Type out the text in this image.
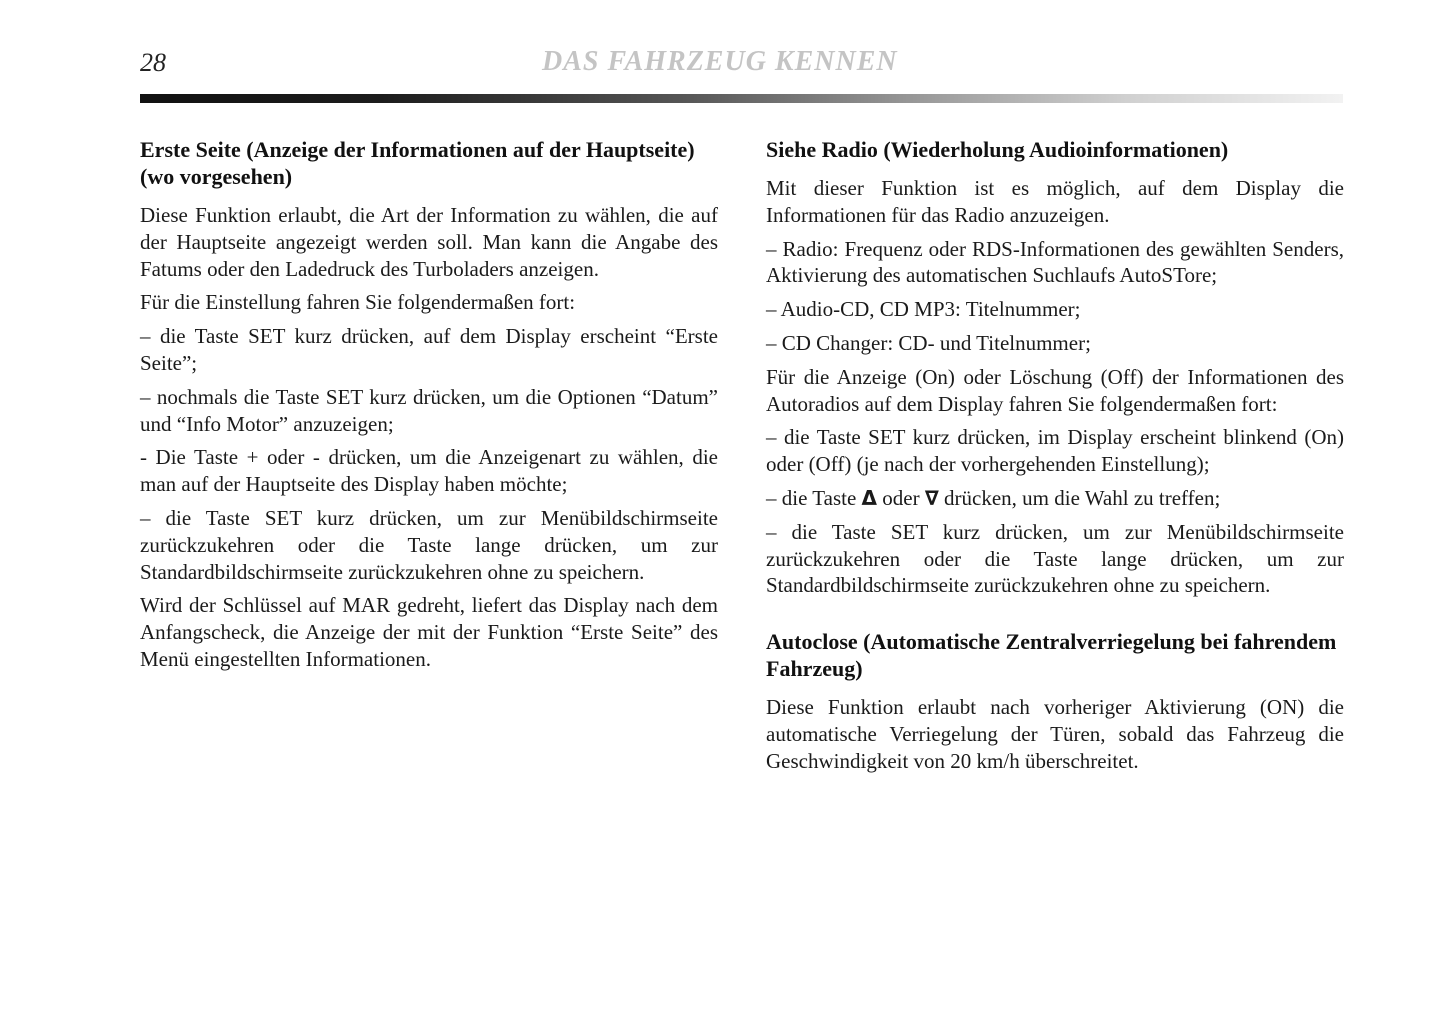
28	DAS FAHRZEUG KENNEN
Erste Seite (Anzeige der Informationen auf der Hauptseite) (wo vorgesehen)

Diese Funktion erlaubt, die Art der Information zu wählen, die auf der Hauptseite angezeigt werden soll. Man kann die Angabe des Fatums oder den Ladedruck des Turboladers anzeigen.

Für die Einstellung fahren Sie folgendermaßen fort:

– die Taste SET kurz drücken, auf dem Display erscheint “Erste Seite”;

– nochmals die Taste SET kurz drücken, um die Optionen “Datum” und “Info Motor” anzuzeigen;

- Die Taste + oder - drücken, um die Anzeigenart zu wählen, die man auf der Hauptseite des Display haben möchte;

– die Taste SET kurz drücken, um zur Menübildschirmseite zurückzukehren oder die Taste lange drücken, um zur Standardbildschirmseite zurückzukehren ohne zu speichern.

Wird der Schlüssel auf MAR gedreht, liefert das Display nach dem Anfangscheck, die Anzeige der mit der Funktion “Erste Seite” des Menü eingestellten Informationen.

Siehe Radio (Wiederholung Audioinformationen)

Mit dieser Funktion ist es möglich, auf dem Display die Informationen für das Radio anzuzeigen.

– Radio: Frequenz oder RDS-Informationen des gewählten Senders, Aktivierung des automatischen Suchlaufs AutoSTore;

– Audio-CD, CD MP3: Titelnummer;

– CD Changer: CD- und Titelnummer;

Für die Anzeige (On) oder Löschung (Off) der Informationen des Autoradios auf dem Display fahren Sie folgendermaßen fort:

– die Taste SET kurz drücken, im Display erscheint blinkend (On) oder (Off) (je nach der vorhergehenden Einstellung);

– die Taste Δ oder ∇ drücken, um die Wahl zu treffen;

– die Taste SET kurz drücken, um zur Menübildschirmseite zurückzukehren oder die Taste lange drücken, um zur Standardbildschirmseite zurückzukehren ohne zu speichern.

Autoclose (Automatische Zentralverriegelung bei fahrendem Fahrzeug)

Diese Funktion erlaubt nach vorheriger Aktivierung (ON) die automatische Verriegelung der Türen, sobald das Fahrzeug die Geschwindigkeit von 20 km/h überschreitet.
